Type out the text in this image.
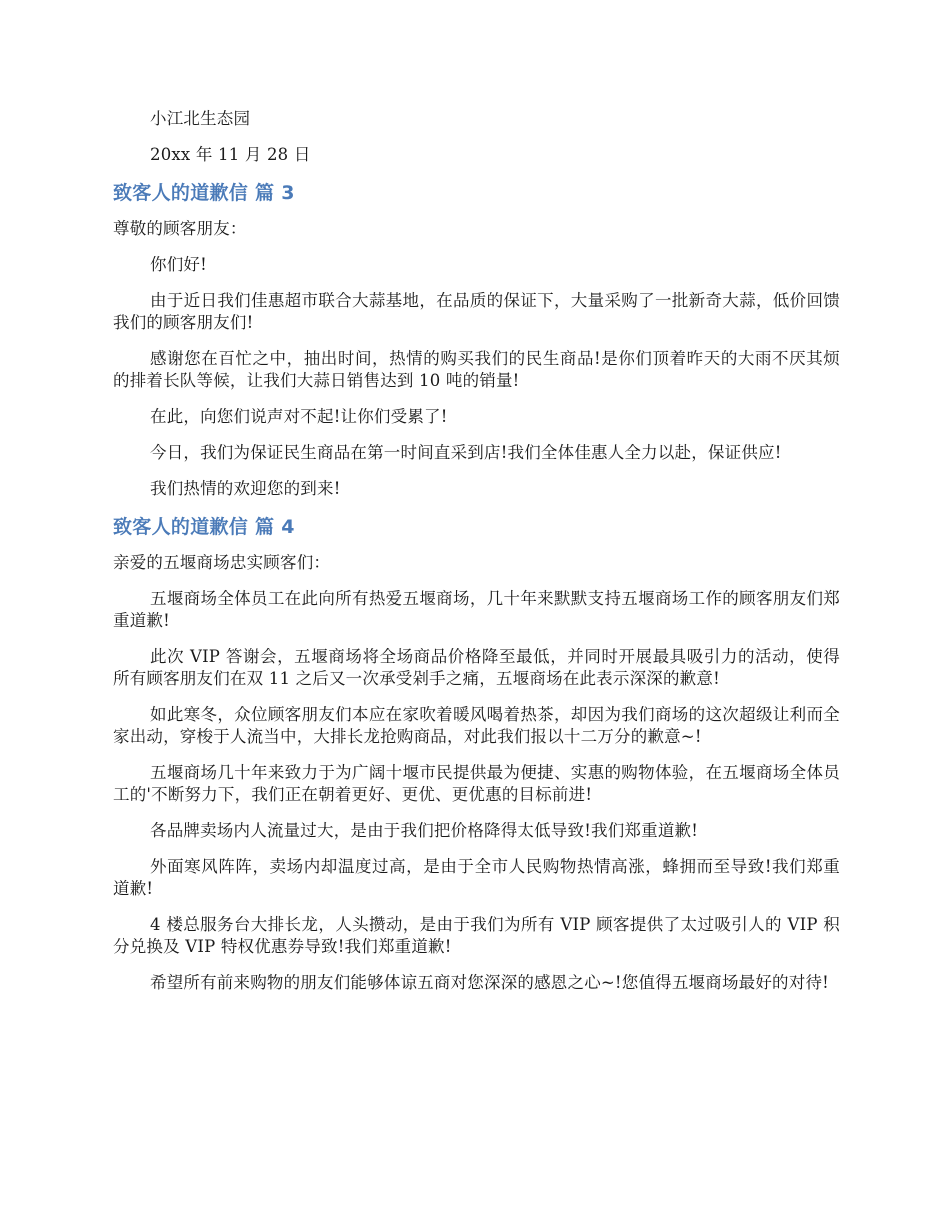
小江北生态园

20xx 年 11 月 28 日

致客人的道歉信 篇 3

尊敬的顾客朋友：

你们好!

由于近日我们佳惠超市联合大蒜基地，在品质的保证下，大量采购了一批新奇大蒜，低价回馈我们的顾客朋友们!

感谢您在百忙之中，抽出时间，热情的购买我们的民生商品!是你们顶着昨天的大雨不厌其烦的排着长队等候，让我们大蒜日销售达到 10 吨的销量!

在此，向您们说声对不起!让你们受累了!

今日，我们为保证民生商品在第一时间直采到店!我们全体佳惠人全力以赴，保证供应!

我们热情的欢迎您的到来!

致客人的道歉信 篇 4

亲爱的五堰商场忠实顾客们：

五堰商场全体员工在此向所有热爱五堰商场，几十年来默默支持五堰商场工作的顾客朋友们郑重道歉!

此次 VIP 答谢会，五堰商场将全场商品价格降至最低，并同时开展最具吸引力的活动，使得所有顾客朋友们在双 11 之后又一次承受剁手之痛，五堰商场在此表示深深的歉意!

如此寒冬，众位顾客朋友们本应在家吹着暖风喝着热茶，却因为我们商场的这次超级让利而全家出动，穿梭于人流当中，大排长龙抢购商品，对此我们报以十二万分的歉意~!

五堰商场几十年来致力于为广阔十堰市民提供最为便捷、实惠的购物体验，在五堰商场全体员工的'不断努力下，我们正在朝着更好、更优、更优惠的目标前进!

各品牌卖场内人流量过大，是由于我们把价格降得太低导致!我们郑重道歉!

外面寒风阵阵，卖场内却温度过高，是由于全市人民购物热情高涨，蜂拥而至导致!我们郑重道歉!

4 楼总服务台大排长龙，人头攒动，是由于我们为所有 VIP 顾客提供了太过吸引人的 VIP 积分兑换及 VIP 特权优惠券导致!我们郑重道歉!

希望所有前来购物的朋友们能够体谅五商对您深深的感恩之心~!您值得五堰商场最好的对待!
